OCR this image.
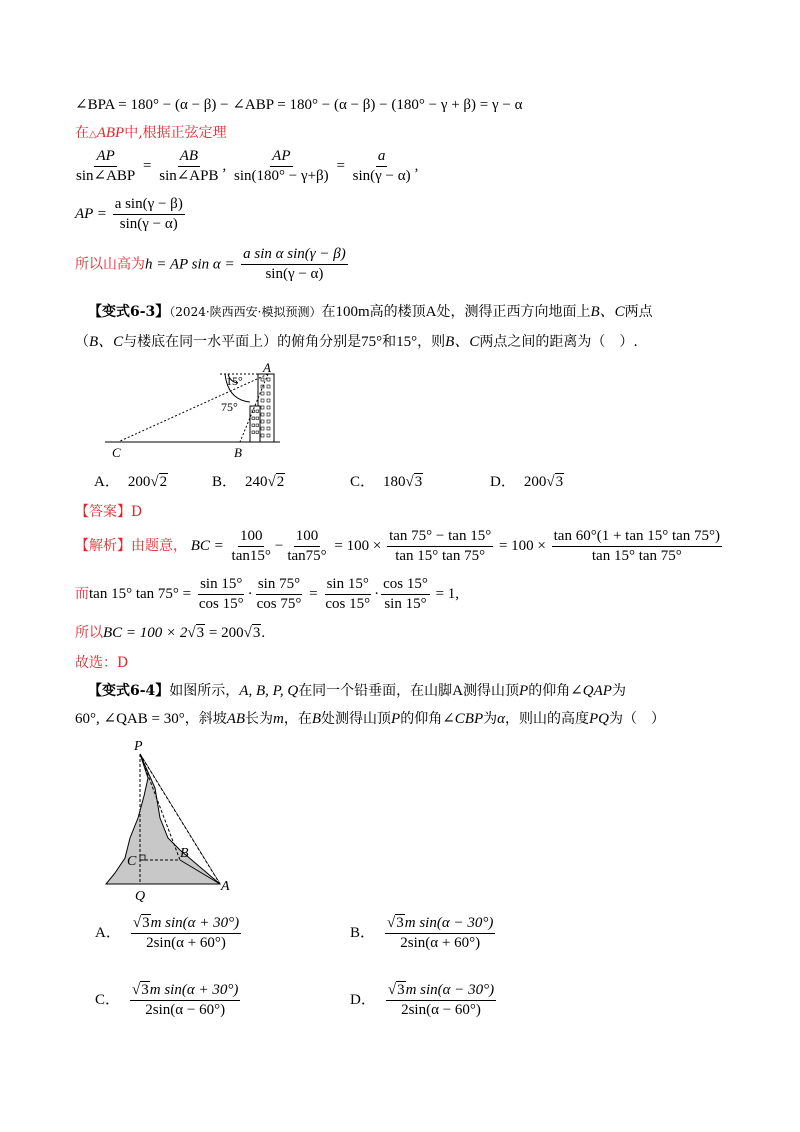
∠BPA = 180° − (α − β) − ∠ABP = 180° − (α − β) − (180° − γ + β) = γ − α
在△ABP中,根据正弦定理
$\frac{AP}{\text{sin∠ABP}} = \frac{AB}{\text{sin∠APB}}$ , $\frac{AP}{\sin(180^\circ - \gamma+\beta)} = \frac{a}{\sin(\gamma - \alpha)}$ ,
AP = $\frac{\text{a sin(γ − β)}}{\sin(\gamma - \alpha)}$
所以山高为h = AP $\sin \alpha = \frac{\text{a sin α sin(γ − β)}}{\sin(\gamma - \alpha)}$
【变式6-3】（2024·陕西西安·模拟预测）在100m高的楼顶A处，测得正西方向地面上B、C两点
（B、C与楼底在同一水平面上）的俯角分别是75°和15°，则B、C两点之间的距离为（　）.
15°
75°
A
B
C
A． 200√2	B． 240√2	C． 180√3	D． 200√3
【答案】D
【解析】由题意， BC = $\frac{100}{\tan 15^\circ} - \frac{100}{\tan 75^\circ} = 100 \times \frac{\tan 75^\circ - \tan 15^\circ}{\tan 15^\circ \tan 75^\circ} = 100 \times \frac{\tan 60^\circ(1 + \tan 15^\circ \tan 75^\circ)}{\tan 15^\circ \tan 75^\circ}$
而tan 15° $\tan 75^\circ = \frac{\sin 15^\circ}{\cos 15^\circ} \cdot \frac{\sin 75^\circ}{\cos 75^\circ} = \frac{\sin 15^\circ}{\cos 15^\circ} \cdot \frac{\cos 15^\circ}{\sin 15^\circ} = 1$,
所以BC = 100 × 2√3 = 200√3.
故选：D
【变式6-4】如图所示，A, B, P, Q在同一个铅垂面，在山脚A测得山顶P的仰角∠QAP为
60°, ∠QAB = 30°，斜坡AB长为m，在B处测得山顶P的仰角∠CBP为α，则山的高度PQ为（　）
P
B
C
Q
A
A． $\frac{\text{√3m sin(α + 30°)}}{2\sin(\alpha + 60^\circ)}$	B． $\frac{\text{√3m sin(α − 30°)}}{2\sin(\alpha + 60^\circ)}$
C． $\frac{\text{√3m sin(α + 30°)}}{2\sin(\alpha - 60^\circ)}$	D． $\frac{\text{√3m sin(α − 30°)}}{2\sin(\alpha - 60^\circ)}$
